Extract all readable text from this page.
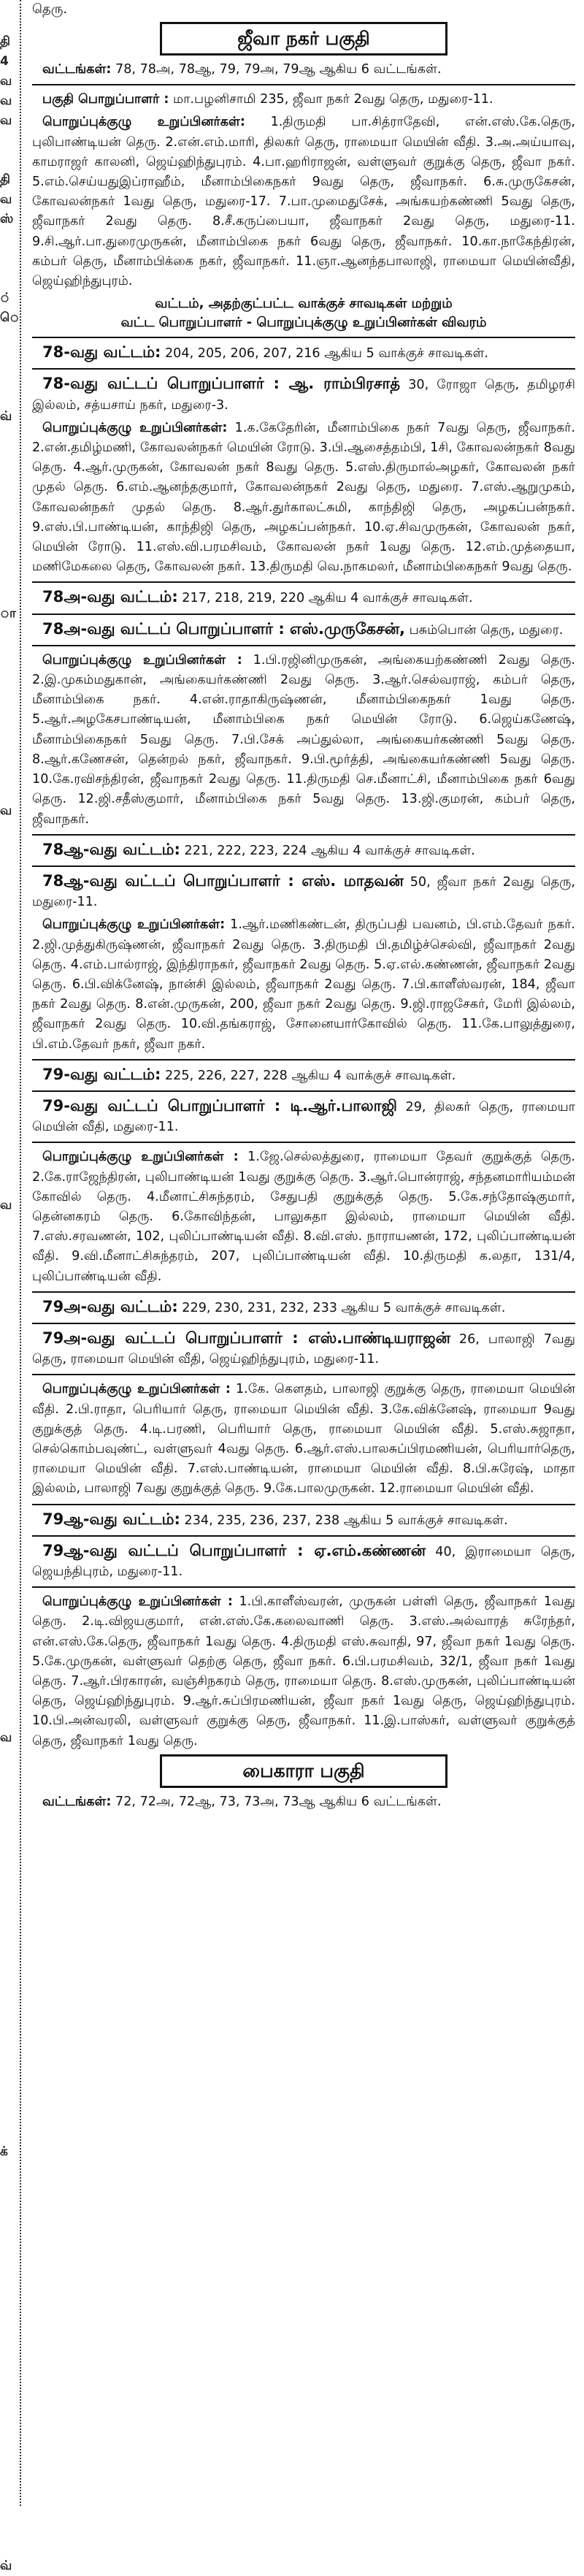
தி
4
வ
வ
வ

தி
வ
ஸ்

்
ெ

வ்

ா

வ

வ

வ

க்

வ்

தெரு.

ஜீவா நகர் பகுதி

வட்டங்கள்: 78, 78அ, 78ஆ, 79, 79அ, 79ஆ ஆகிய 6 வட்டங்கள்.

பகுதி பொறுப்பாளர் : மா.பழனிசாமி 235, ஜீவா நகர் 2வது தெரு, மதுரை-11.

பொறுப்புக்குழு உறுப்பினர்கள்: 1.திருமதி பா.சித்ராதேவி, என்.எஸ்.கே.தெரு, புலிபாண்டியன் தெரு. 2.என்.எம்.மாரி, திலகர் தெரு, ராமையா மெயின் வீதி. 3.அ.அய்யாவு, காமராஜர் காலனி, ஜெய்ஹிந்துபுரம். 4.பா.ஹரிராஜன், வள்ளுவர் குறுக்கு தெரு, ஜீவா நகர். 5.எம்.செய்யதுஇப்ராஹீம், மீனாம்பிகைநகர் 9வது தெரு, ஜீவாநகர். 6.சு.முருகேசன், கோவலன்நகர் 1வது தெரு, மதுரை-17. 7.பா.முமைதுசேக், அங்கயற்கண்ணி 5வது தெரு, ஜீவாநகர் 2வது தெரு. 8.சீ.கருப்பையா, ஜீவாநகர் 2வது தெரு, மதுரை-11. 9.சி.ஆர்.பா.துரைமுருகன், மீனாம்பிகை நகர் 6வது தெரு, ஜீவாநகர். 10.கா.நாகேந்திரன், கம்பர் தெரு, மீனாம்பிக்கை நகர், ஜீவாநகர். 11.ஞா.ஆனந்தபாலாஜி, ராமையா மெயின்வீதி, ஜெய்ஹிந்துபுரம்.

வட்டம், அதற்குட்பட்ட வாக்குச் சாவடிகள் மற்றும்
வட்ட பொறுப்பாளர் - பொறுப்புக்குழு உறுப்பினர்கள் விவரம்

78-வது வட்டம்: 204, 205, 206, 207, 216 ஆகிய 5 வாக்குச் சாவடிகள்.

78-வது வட்டப் பொறுப்பாளர் : ஆ. ராம்பிரசாத் 30, ரோஜா தெரு, தமிழரசி இல்லம், சத்யசாய் நகர், மதுரை-3.

பொறுப்புக்குழு உறுப்பினர்கள்: 1.க.கேதேரின், மீனாம்பிகை நகர் 7வது தெரு, ஜீவாநகர். 2.என்.தமிழ்மணி, கோவலன்நகர் மெயின் ரோடு. 3.பி.ஆசைத்தம்பி, 1சி, கோவலன்நகர் 8வது தெரு. 4.ஆர்.முருகன், கோவலன் நகர் 8வது தெரு. 5.எஸ்.திருமால்அழகர், கோவலன் நகர் முதல் தெரு. 6.எம்.ஆனந்தகுமார், கோவலன்நகர் 2வது தெரு, மதுரை. 7.எஸ்.ஆறுமுகம், கோவலன்நகர் முதல் தெரு. 8.ஆர்.துர்காலட்சுமி, காந்திஜி தெரு, அழகப்பன்நகர். 9.எஸ்.பி.பாண்டியன், காந்திஜி தெரு, அழகப்பன்நகர். 10.ஏ.சிவமுருகன், கோவலன் நகர், மெயின் ரோடு. 11.எஸ்.வி.பரமசிவம், கோவலன் நகர் 1வது தெரு. 12.எம்.முத்தையா, மணிமேகலை தெரு, கோவலன் நகர். 13.திருமதி வெ.நாகமலர், மீனாம்பிகைநகர் 9வது தெரு.

78அ-வது வட்டம்: 217, 218, 219, 220 ஆகிய 4 வாக்குச் சாவடிகள்.

78அ-வது வட்டப் பொறுப்பாளர் : எஸ்.முருகேசன், பசும்பொன் தெரு, மதுரை.

பொறுப்புக்குழு உறுப்பினர்கள் : 1.பி.ரஜினிமுருகன், அங்கையற்கண்ணி 2வது தெரு. 2.இ.முகம்மதுகான், அங்கையர்கண்ணி 2வது தெரு. 3.ஆர்.செல்வராஜ், கம்பர் தெரு, மீனாம்பிகை நகர். 4.என்.ராதாகிருஷ்ணன், மீனாம்பிகைநகர் 1வது தெரு. 5.ஆர்.அழகேசபாண்டியன், மீனாம்பிகை நகர் மெயின் ரோடு. 6.ஜெய்கணேஷ், மீனாம்பிகைநகர் 5வது தெரு. 7.பி.சேக் அப்துல்லா, அங்கையர்கண்ணி 5வது தெரு. 8.ஆர்.கணேசன், தென்றல் நகர், ஜீவாநகர். 9.பி.மூர்த்தி, அங்கையர்கண்ணி 5வது தெரு. 10.கே.ரவிசந்திரன், ஜீவாநகர் 2வது தெரு. 11.திருமதி செ.மீனாட்சி, மீனாம்பிகை நகர் 6வது தெரு. 12.ஜி.சதீஸ்குமார், மீனாம்பிகை நகர் 5வது தெரு. 13.ஜி.குமரன், கம்பர் தெரு, ஜீவாநகர்.

78ஆ-வது வட்டம்: 221, 222, 223, 224 ஆகிய 4 வாக்குச் சாவடிகள்.

78ஆ-வது வட்டப் பொறுப்பாளர் : எஸ். மாதவன் 50, ஜீவா நகர் 2வது தெரு, மதுரை-11.

பொறுப்புக்குழு உறுப்பினர்கள்: 1.ஆர்.மணிகண்டன், திருப்பதி பவனம், பி.எம்.தேவர் நகர். 2.ஜி.முத்துகிருஷ்ணன், ஜீவாநகர் 2வது தெரு. 3.திருமதி பி.தமிழ்ச்செல்வி, ஜீவாநகர் 2வது தெரு. 4.எம்.பால்ராஜ், இந்திராநகர், ஜீவாநகர் 2வது தெரு. 5.ஏ.எல்.கண்ணன், ஜீவாநகர் 2வது தெரு. 6.பி.விக்னேஷ், நான்சி இல்லம், ஜீவாநகர் 2வது தெரு. 7.பி.காளீஸ்வரன், 184, ஜீவா நகர் 2வது தெரு. 8.என்.முருகன், 200, ஜீவா நகர் 2வது தெரு. 9.ஜி.ராஜசேகர், மேரி இல்லம், ஜீவாநகர் 2வது தெரு. 10.வி.தங்கராஜ், சோனையார்கோவில் தெரு. 11.கே.பாலுத்துரை, பி.எம்.தேவர் நகர், ஜீவா நகர்.

79-வது வட்டம்: 225, 226, 227, 228 ஆகிய 4 வாக்குச் சாவடிகள்.

79-வது வட்டப் பொறுப்பாளர் : டி.ஆர்.பாலாஜி 29, திலகர் தெரு, ராமையா மெயின் வீதி, மதுரை-11.

பொறுப்புக்குழு உறுப்பினர்கள் : 1.ஜே.செல்லத்துரை, ராமையா தேவர் குறுக்குத் தெரு. 2.கே.ராஜேந்திரன், புலிபாண்டியன் 1வது குறுக்கு தெரு. 3.ஆர்.பொன்ராஜ், சந்தனமாரியம்மன் கோவில் தெரு. 4.மீனாட்சிசுந்தரம், சேதுபதி குறுக்குத் தெரு. 5.கே.சந்தோஷ்குமார், தென்னகரம் தெரு. 6.கோவிந்தன், பாலுசுதா இல்லம், ராமையா மெயின் வீதி. 7.எஸ்.சரவணன், 102, புலிப்பாண்டியன் வீதி. 8.வி.எஸ். நாராயணன், 172, புலிப்பாண்டியன் வீதி. 9.வி.மீனாட்சிசுந்தரம், 207, புலிப்பாண்டியன் வீதி. 10.திருமதி க.லதா, 131/4, புலிப்பாண்டியன் வீதி.

79அ-வது வட்டம்: 229, 230, 231, 232, 233 ஆகிய 5 வாக்குச் சாவடிகள்.

79அ-வது வட்டப் பொறுப்பாளர் : எஸ்.பாண்டியராஜன் 26, பாலாஜி 7வது தெரு, ராமையா மெயின் வீதி, ஜெய்ஹிந்துபுரம், மதுரை-11.

பொறுப்புக்குழு உறுப்பினர்கள் : 1.கே. கௌதம், பாலாஜி குறுக்கு தெரு, ராமையா மெயின் வீதி. 2.பி.ராதா, பெரியார் தெரு, ராமையா மெயின் வீதி. 3.கே.விக்னேஷ், ராமையா 9வது குறுக்குத் தெரு. 4.டி.பரணி, பெரியார் தெரு, ராமையா மெயின் வீதி. 5.எஸ்.சுஜாதா, செல்கொம்பவுண்ட், வள்ளுவர் 4வது தெரு. 6.ஆர்.எஸ்.பாலசுப்பிரமணியன், பெரியார்தெரு, ராமையா மெயின் வீதி. 7.எஸ்.பாண்டியன், ராமையா மெயின் வீதி. 8.பி.சுரேஷ், மாதா இல்லம், பாலாஜி 7வது குறுக்குத் தெரு. 9.கே.பாலமுருகன். 12.ராமையா மெயின் வீதி.

79ஆ-வது வட்டம்: 234, 235, 236, 237, 238 ஆகிய 5 வாக்குச் சாவடிகள்.

79ஆ-வது வட்டப் பொறுப்பாளர் : ஏ.எம்.கண்ணன் 40, இராமையா தெரு, ஜெயந்திபுரம், மதுரை-11.

பொறுப்புக்குழு உறுப்பினர்கள் : 1.பி.காளீஸ்வரன், முருகன் பள்ளி தெரு, ஜீவாநகர் 1வது தெரு. 2.டி.விஜயகுமார், என்.எஸ்.கே.கலைவாணி தெரு. 3.எஸ்.அல்வாரத் சுரேந்தர், என்.எஸ்.கே.தெரு, ஜீவாநகர் 1வது தெரு. 4.திருமதி எஸ்.சுவாதி, 97, ஜீவா நகர் 1வது தெரு. 5.கே.முருகன், வள்ளுவர் தெற்கு தெரு, ஜீவா நகர். 6.பி.பரமசிவம், 32/1, ஜீவா நகர் 1வது தெரு. 7.ஆர்.பிரகாரன், வஞ்சிநகரம் தெரு, ராமையா தெரு. 8.எஸ்.முருகன், புலிப்பாண்டியன் தெரு, ஜெய்ஹிந்துபுரம். 9.ஆர்.சுப்பிரமணியன், ஜீவா நகர் 1வது தெரு, ஜெய்ஹிந்துபுரம். 10.பி.அன்வரலி, வள்ளுவர் குறுக்கு தெரு, ஜீவாநகர். 11.இ.பாஸ்கர், வள்ளுவர் குறுக்குத் தெரு, ஜீவாநகர் 1வது தெரு.

பைகாரா பகுதி

வட்டங்கள்: 72, 72அ, 72ஆ, 73, 73அ, 73ஆ ஆகிய 6 வட்டங்கள்.
